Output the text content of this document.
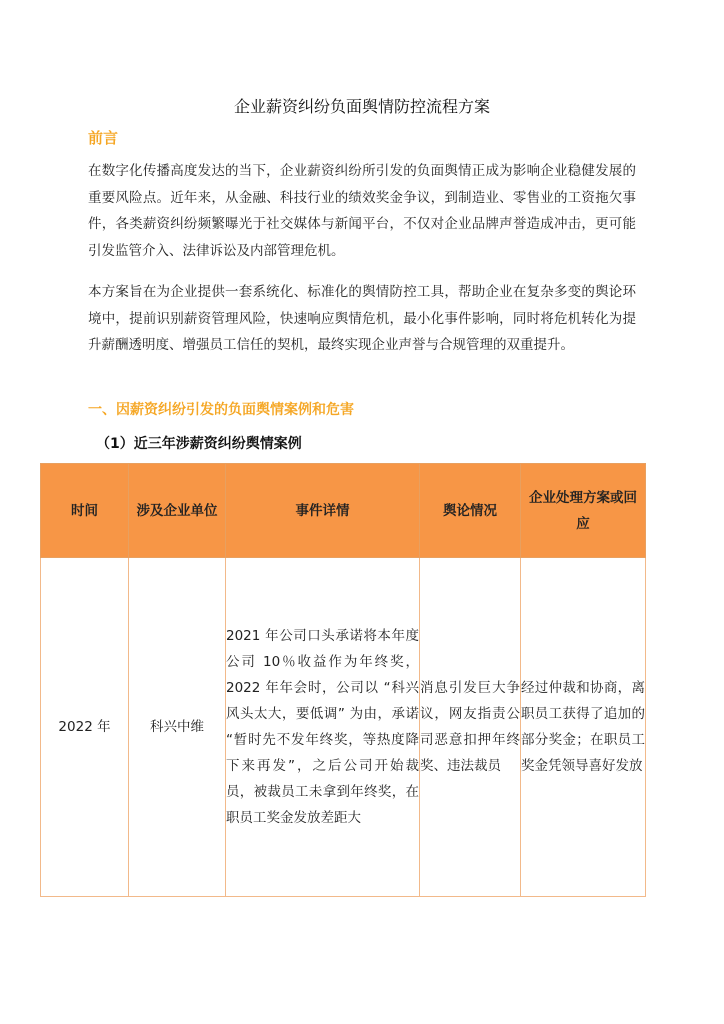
企业薪资纠纷负面舆情防控流程方案
前言

在数字化传播高度发达的当下，企业薪资纠纷所引发的负面舆情正成为影响企业稳健发展的重要风险点。近年来，从金融、科技行业的绩效奖金争议，到制造业、零售业的工资拖欠事件，各类薪资纠纷频繁曝光于社交媒体与新闻平台，不仅对企业品牌声誉造成冲击，更可能引发监管介入、法律诉讼及内部管理危机。

本方案旨在为企业提供一套系统化、标准化的舆情防控工具，帮助企业在复杂多变的舆论环境中，提前识别薪资管理风险，快速响应舆情危机，最小化事件影响，同时将危机转化为提升薪酬透明度、增强员工信任的契机，最终实现企业声誉与合规管理的双重提升。

一、因薪资纠纷引发的负面舆情案例和危害
（1）近三年涉薪资纠纷舆情案例
时间	涉及企业单位	事件详情	舆论情况	企业处理方案或回应

2022 年	科兴中维	2021 年公司口头承诺将本年度公司 10％收益作为年终奖，2022 年年会时，公司以 “科兴风头太大，要低调” 为由，承诺 “暂时先不发年终奖，等热度降下来再发”，之后公司开始裁员，被裁员工未拿到年终奖，在职员工奖金发放差距大	消息引发巨大争议，网友指责公司恶意扣押年终奖、违法裁员	经过仲裁和协商，离职员工获得了追加的部分奖金；在职员工奖金凭领导喜好发放
